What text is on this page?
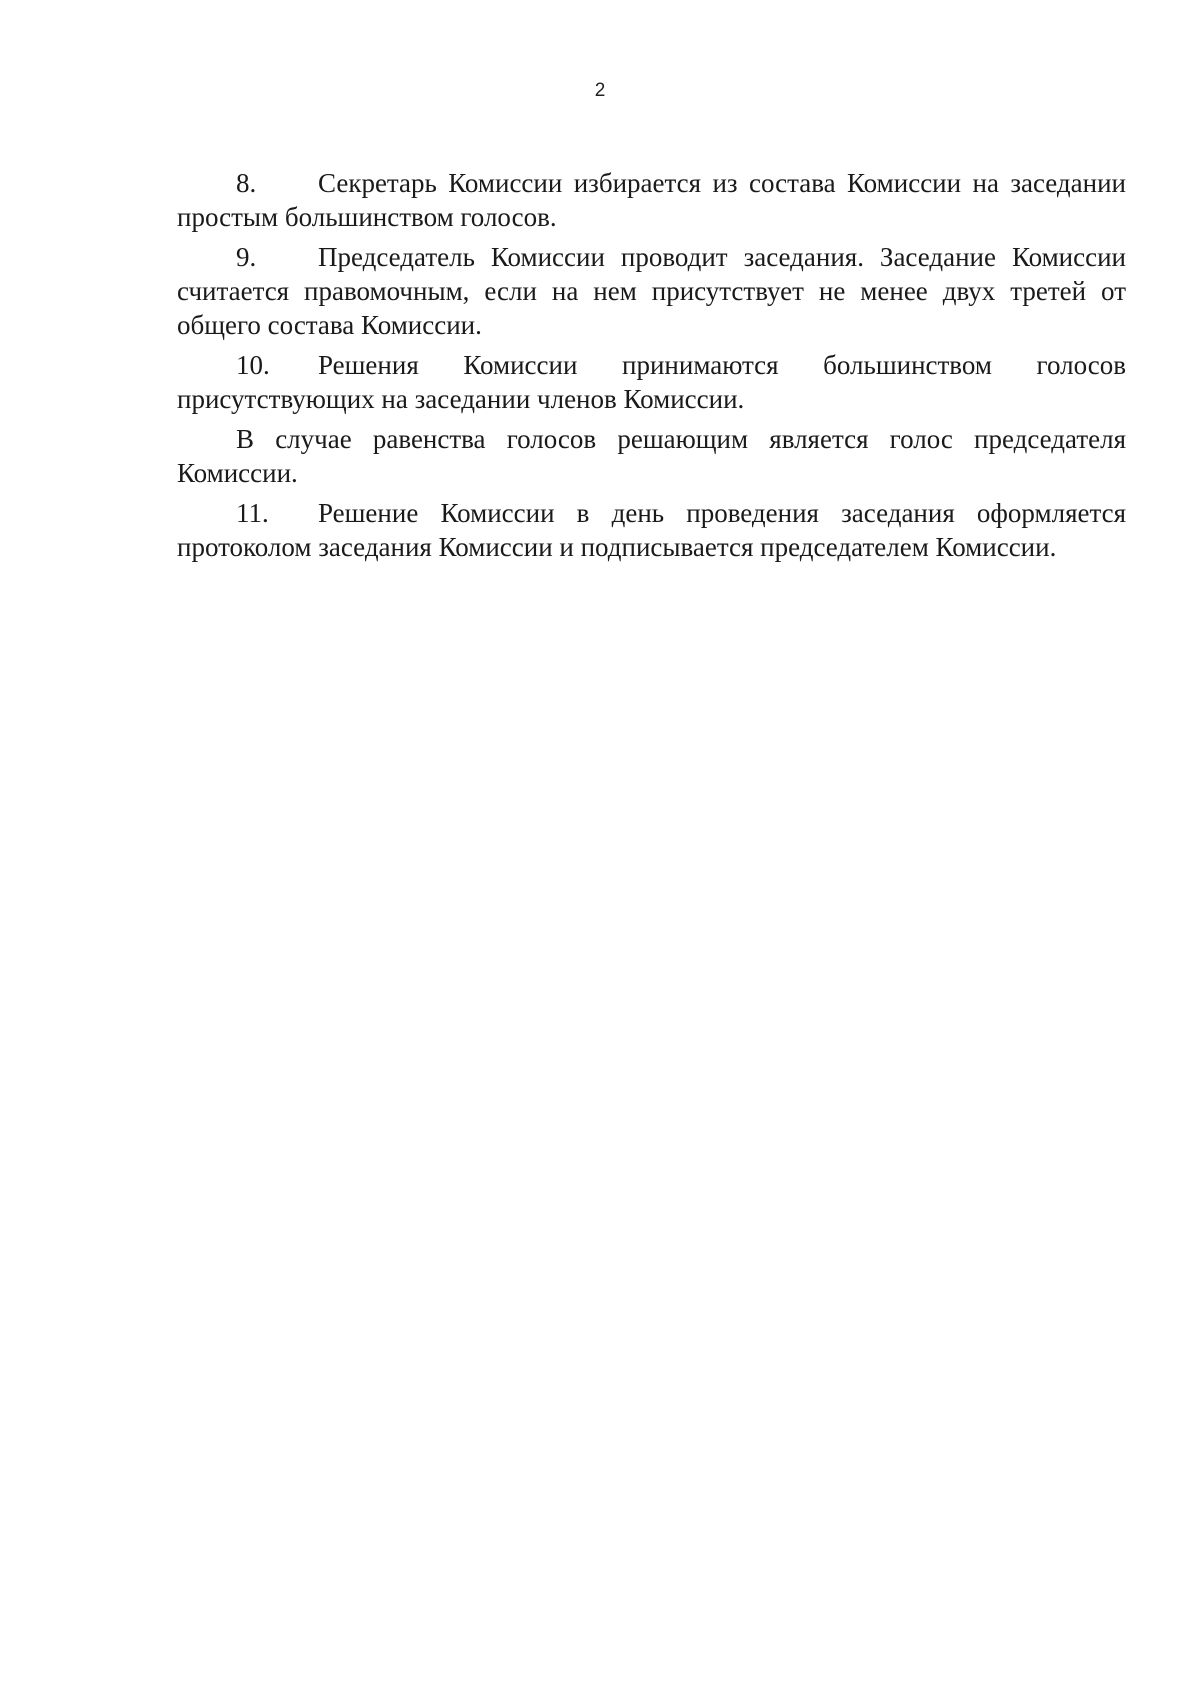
2

8. Секретарь Комиссии избирается из состава Комиссии на заседании простым большинством голосов.

9. Председатель Комиссии проводит заседания. Заседание Комиссии считается правомочным, если на нем присутствует не менее двух третей от общего состава Комиссии.

10. Решения Комиссии принимаются большинством голосов присутствующих на заседании членов Комиссии.

В случае равенства голосов решающим является голос председателя Комиссии.

11. Решение Комиссии в день проведения заседания оформляется протоколом заседания Комиссии и подписывается председателем Комиссии.
